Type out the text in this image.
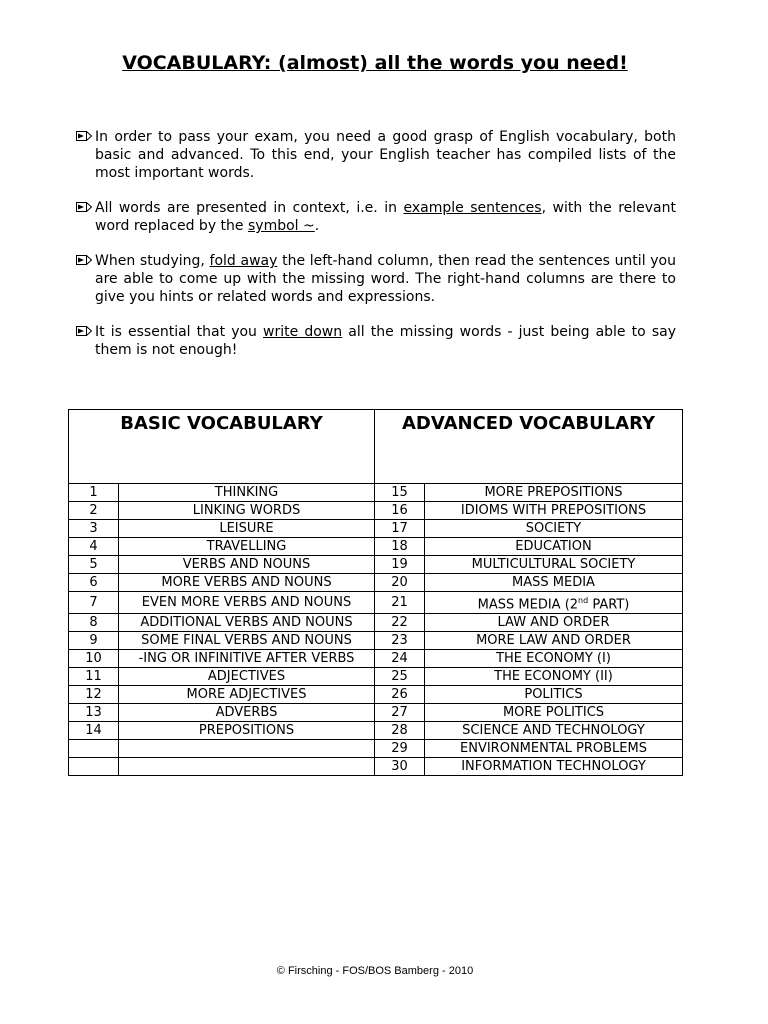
VOCABULARY: (almost) all the words you need!
In order to pass your exam, you need a good grasp of English vocabulary, both basic and advanced. To this end, your English teacher has compiled lists of the most important words.
All words are presented in context, i.e. in example sentences, with the relevant word replaced by the symbol ~.
When studying, fold away the left-hand column, then read the sentences until you are able to come up with the missing word. The right-hand columns are there to give you hints or related words and expressions.
It is essential that you write down all the missing words - just being able to say them is not enough!
BASIC VOCABULARY		ADVANCED VOCABULARY	
1	THINKING	15	MORE PREPOSITIONS
2	LINKING WORDS	16	IDIOMS WITH PREPOSITIONS
3	LEISURE	17	SOCIETY
4	TRAVELLING	18	EDUCATION
5	VERBS AND NOUNS	19	MULTICULTURAL SOCIETY
6	MORE VERBS AND NOUNS	20	MASS MEDIA
7	EVEN MORE VERBS AND NOUNS	21	MASS MEDIA (2nd PART)
8	ADDITIONAL VERBS AND NOUNS	22	LAW AND ORDER
9	SOME FINAL VERBS AND NOUNS	23	MORE LAW AND ORDER
10	-ING OR INFINITIVE AFTER VERBS	24	THE ECONOMY (I)
11	ADJECTIVES	25	THE ECONOMY (II)
12	MORE ADJECTIVES	26	POLITICS
13	ADVERBS	27	MORE POLITICS
14	PREPOSITIONS	28	SCIENCE AND TECHNOLOGY
		29	ENVIRONMENTAL PROBLEMS
		30	INFORMATION TECHNOLOGY
© Firsching - FOS/BOS Bamberg - 2010
